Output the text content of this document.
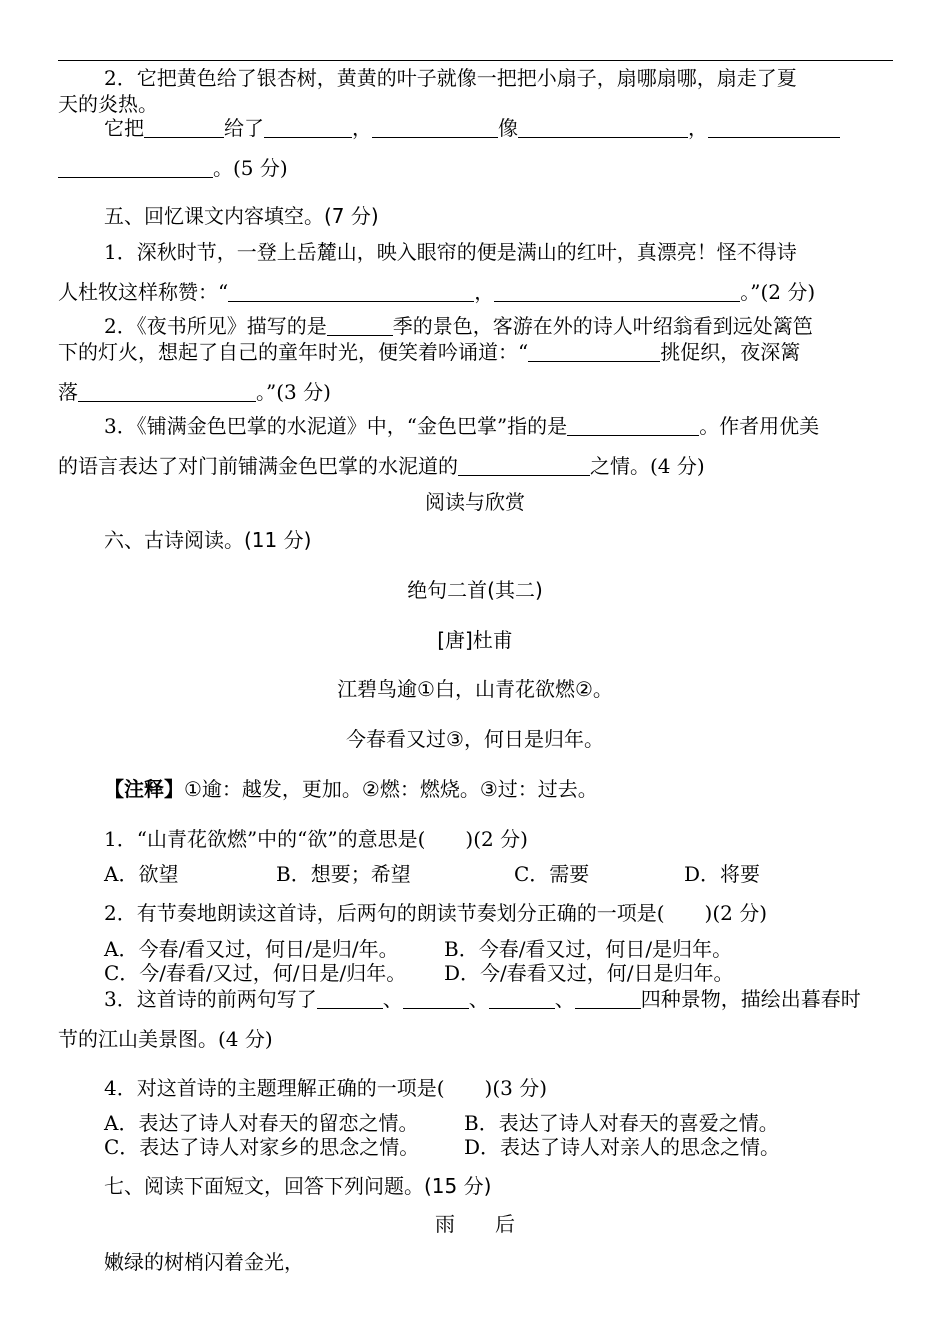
2．它把黄色给了银杏树，黄黄的叶子就像一把把小扇子，扇哪扇哪，扇走了夏
天的炎热。
它把	给了	，	像	，
。(5 分)
五、回忆课文内容填空。(7 分)
1．深秋时节，一登上岳麓山，映入眼帘的便是满山的红叶，真漂亮！怪不得诗
人杜牧这样称赞：“	，	。”(2 分)
2．《夜书所见》描写的是	季的景色，客游在外的诗人叶绍翁看到远处篱笆
下的灯火，想起了自己的童年时光，便笑着吟诵道：“	挑促织，夜深篱
落	。”(3 分)
3．《铺满金色巴掌的水泥道》中，“金色巴掌”指的是	。作者用优美
的语言表达了对门前铺满金色巴掌的水泥道的	之情。(4 分)
阅读与欣赏
六、古诗阅读。(11 分)
绝句二首(其二)
[唐]杜甫
江碧鸟逾①白，山青花欲燃②。
今春看又过③，何日是归年。
【注释】①逾：越发，更加。②燃：燃烧。③过：过去。
1．“山青花欲燃”中的“欲”的意思是(　　)(2 分)
A．欲望	B．想要；希望	C．需要	D．将要
2．有节奏地朗读这首诗，后两句的朗读节奏划分正确的一项是(　　)(2 分)
A．今春/看又过，何日/是归/年。 B．今春/看又过，何日/是归年。
C．今/春看/又过，何/日是/归年。 D．今/春看又过，何/日是归年。
3．这首诗的前两句写了	、	、	、	四种景物，描绘出暮春时
节的江山美景图。(4 分)
4．对这首诗的主题理解正确的一项是(　　)(3 分)
A．表达了诗人对春天的留恋之情。 B．表达了诗人对春天的喜爱之情。
C．表达了诗人对家乡的思念之情。 D．表达了诗人对亲人的思念之情。
七、阅读下面短文，回答下列问题。(15 分)
雨　　后
嫩绿的树梢闪着金光，
